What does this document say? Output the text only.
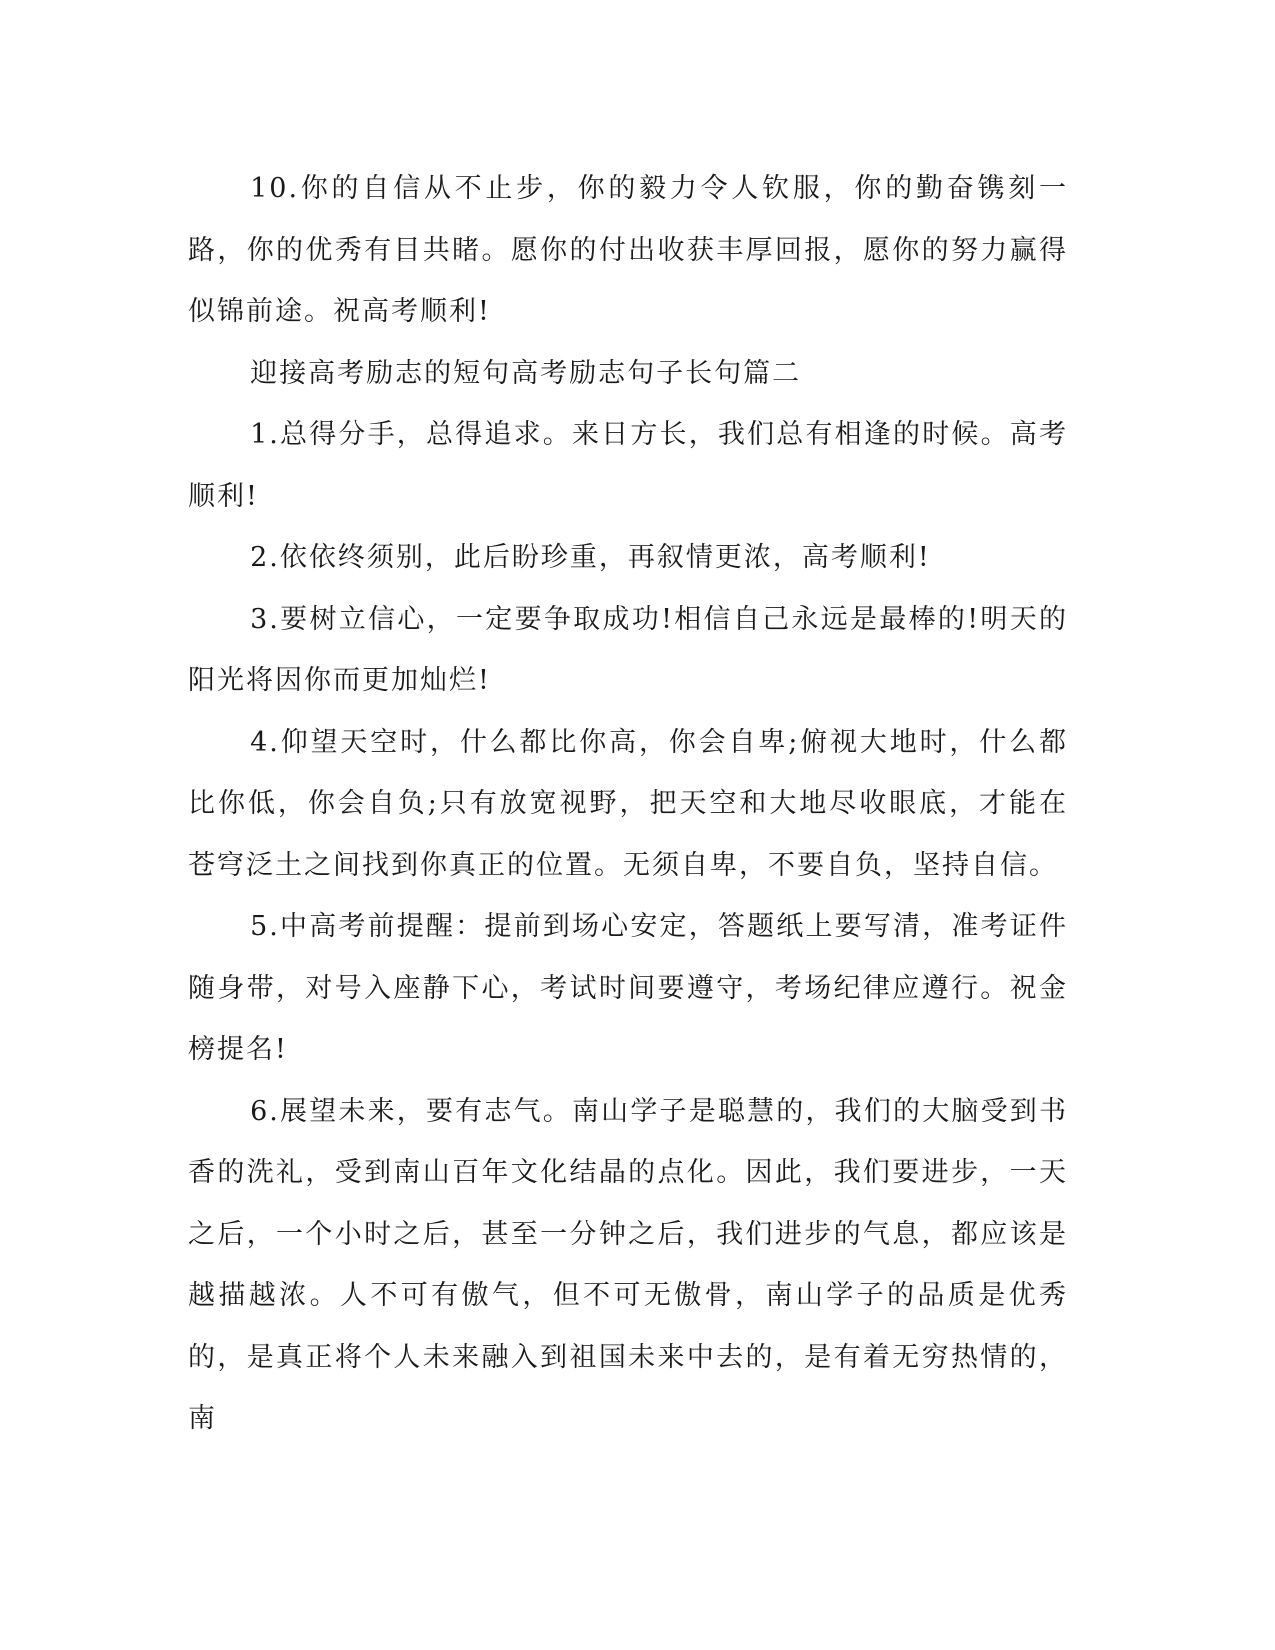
10.你的自信从不止步，你的毅力令人钦服，你的勤奋镌刻一路，你的优秀有目共睹。愿你的付出收获丰厚回报，愿你的努力赢得似锦前途。祝高考顺利!

迎接高考励志的短句高考励志句子长句篇二

1.总得分手，总得追求。来日方长，我们总有相逢的时候。高考顺利!

2.依依终须别，此后盼珍重，再叙情更浓，高考顺利!

3.要树立信心，一定要争取成功!相信自己永远是最棒的!明天的阳光将因你而更加灿烂!

4.仰望天空时，什么都比你高，你会自卑;俯视大地时，什么都比你低，你会自负;只有放宽视野，把天空和大地尽收眼底，才能在苍穹泛土之间找到你真正的位置。无须自卑，不要自负，坚持自信。

5.中高考前提醒：提前到场心安定，答题纸上要写清，准考证件随身带，对号入座静下心，考试时间要遵守，考场纪律应遵行。祝金榜提名!

6.展望未来，要有志气。南山学子是聪慧的，我们的大脑受到书香的洗礼，受到南山百年文化结晶的点化。因此，我们要进步，一天之后，一个小时之后，甚至一分钟之后，我们进步的气息，都应该是越描越浓。人不可有傲气，但不可无傲骨，南山学子的品质是优秀的，是真正将个人未来融入到祖国未来中去的，是有着无穷热情的，南
